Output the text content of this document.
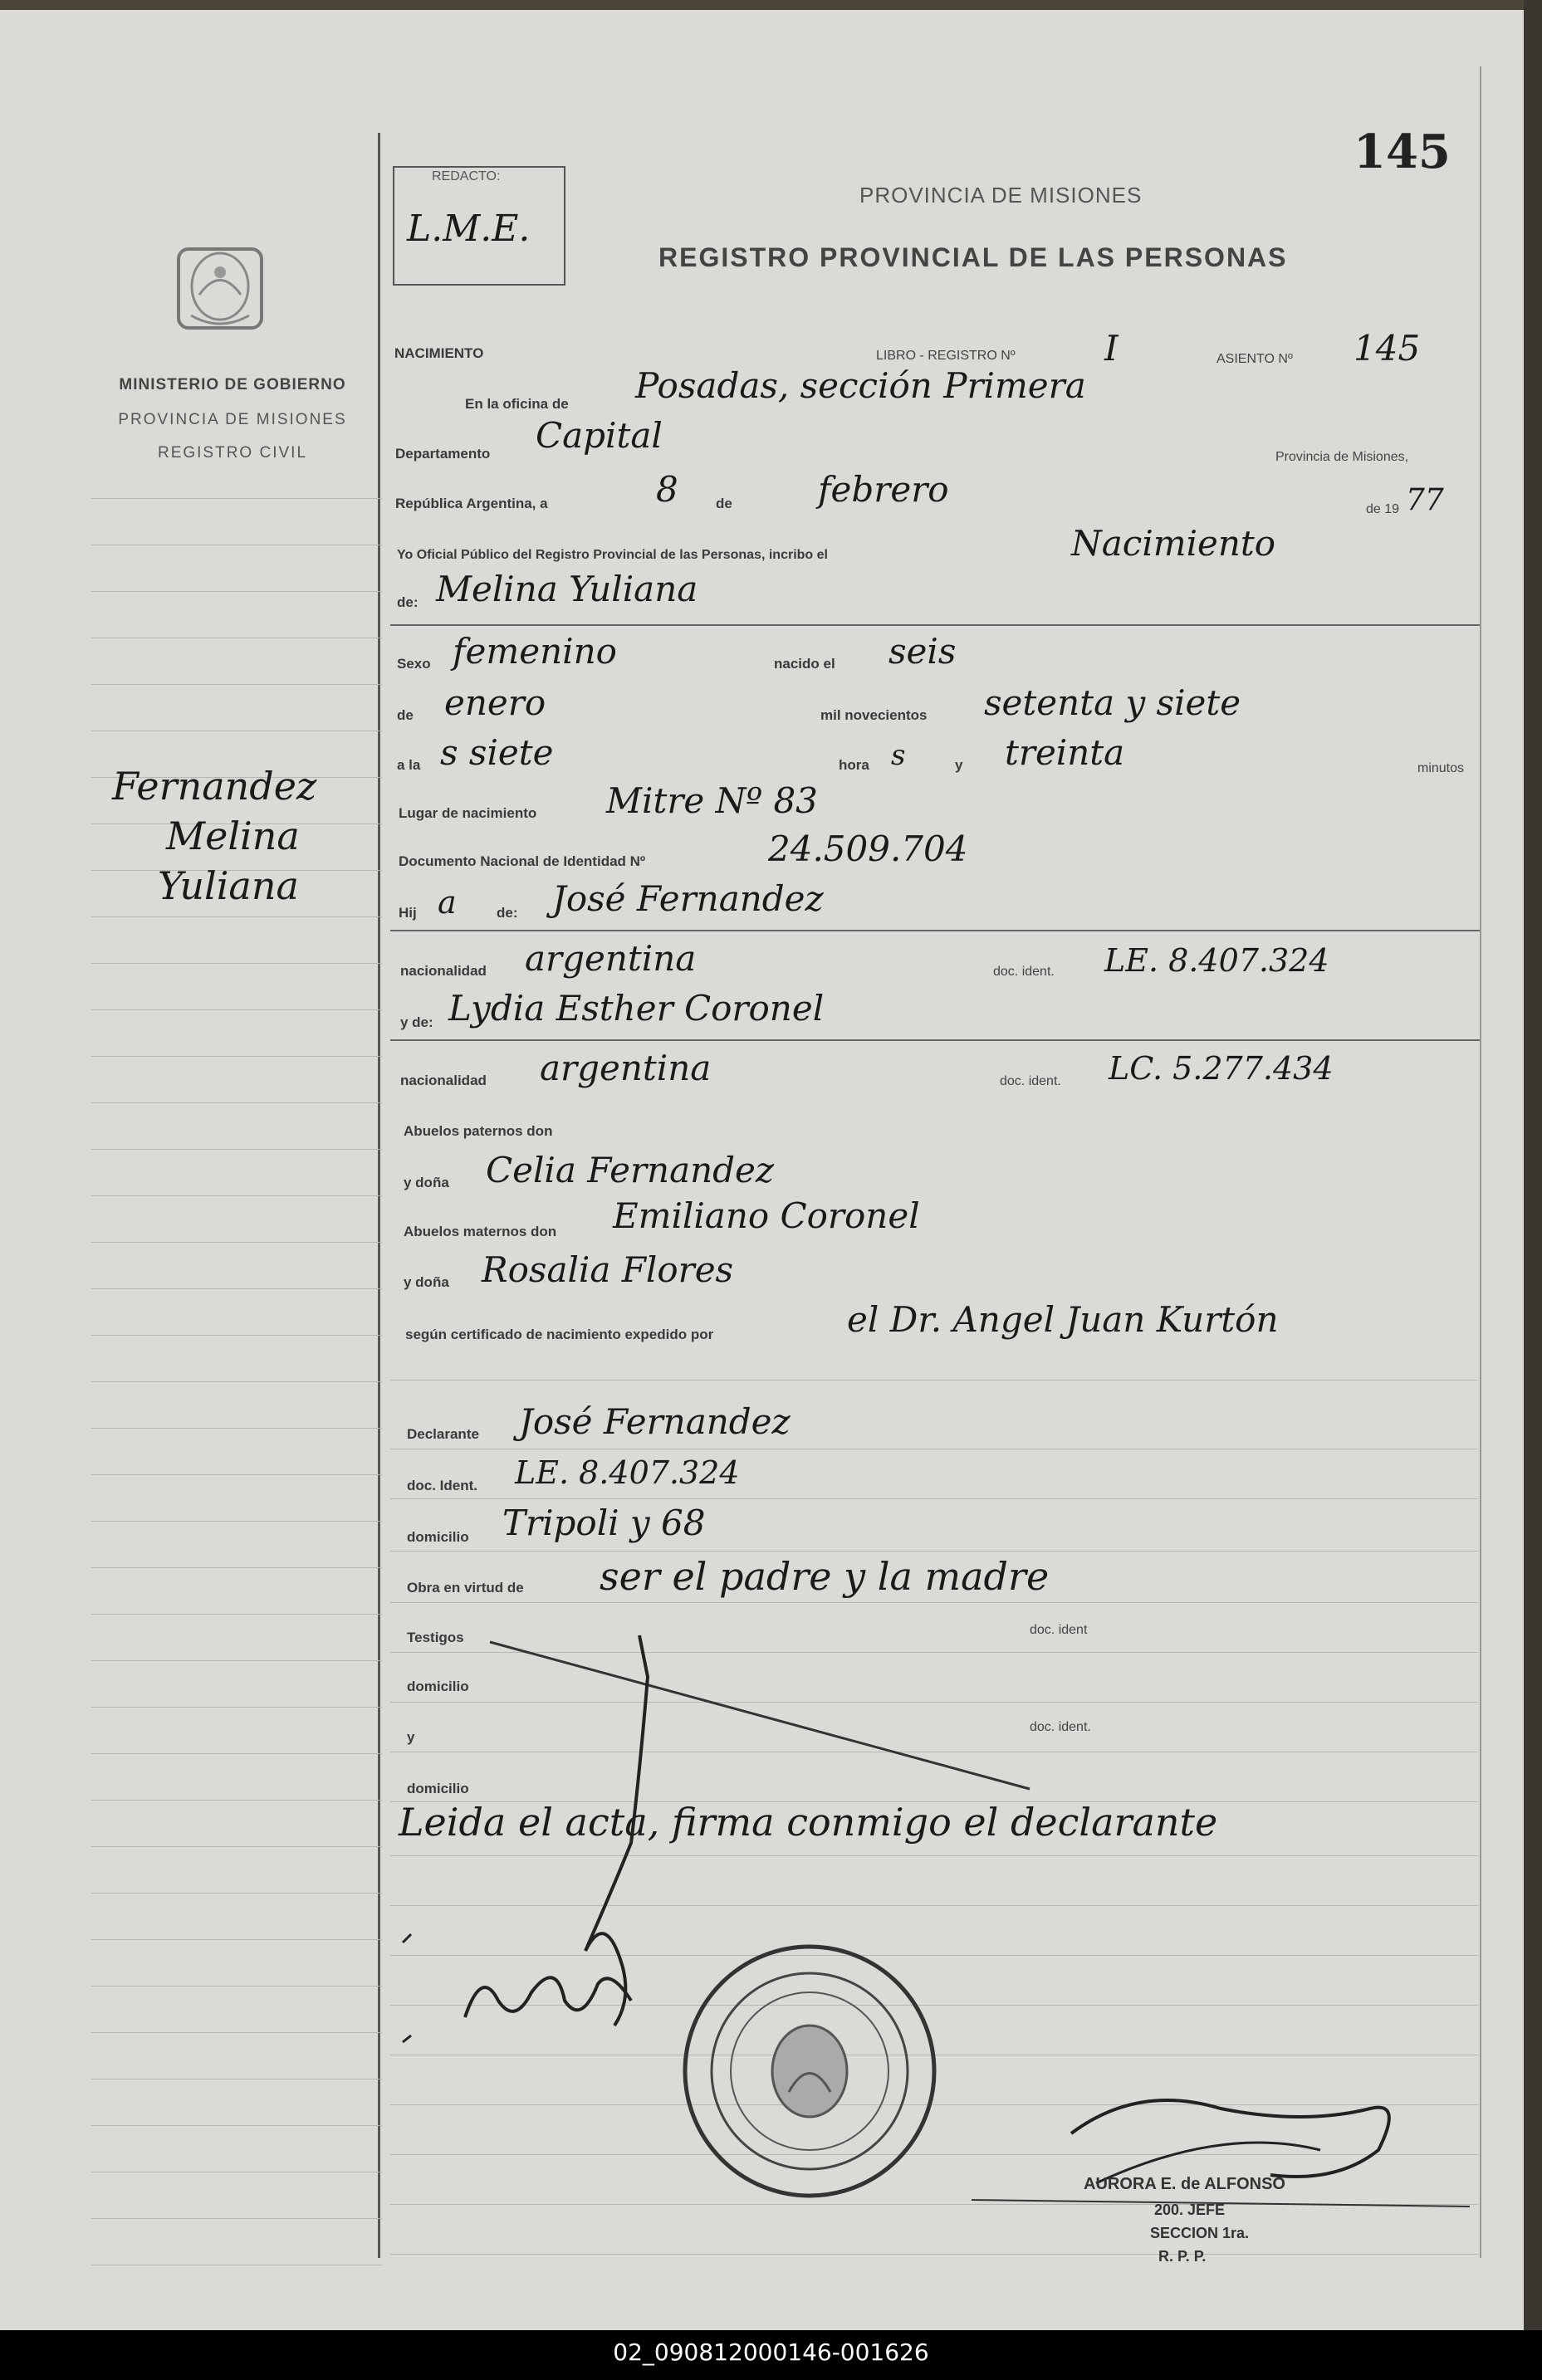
145
REDACTO:
L.M.E.
PROVINCIA DE MISIONES
REGISTRO PROVINCIAL DE LAS PERSONAS
MINISTERIO DE GOBIERNO
PROVINCIA DE MISIONES
REGISTRO CIVIL
Fernandez
Melina
Yuliana
NACIMIENTO	LIBRO - REGISTRO Nº	I	ASIENTO Nº 145
En la oficina de Posadas, sección Primera
Departamento Capital
Provincia de Misiones,
República Argentina, a	8	de febrero	de 19 77
Yo Oficial Público del Registro Provincial de las Personas, incribo el	Nacimiento
de: Melina Yuliana
Sexo femenino	nacido el seis
de enero	mil novecientos setenta y siete
a la s siete	hora s	y treinta	minutos
Lugar de nacimiento Mitre Nº 83
Documento Nacional de Identidad Nº	24.509.704
Hij a	de: José Fernandez
nacionalidad argentina	doc. ident. LE. 8.407.324
y de: Lydia Esther Coronel
nacionalidad argentina	doc. ident. LC. 5.277.434
Abuelos paternos don
y doña Celia Fernandez
Abuelos maternos don Emiliano Coronel
y doña Rosalia Flores
según certificado de nacimiento expedido por	el Dr. Angel Juan Kurtón
Declarante José Fernandez
doc. Ident. LE. 8.407.324
domicilio Tripoli y 68
Obra en virtud de ser el padre y la madre
Testigos	doc. ident
domicilio
y
doc. ident.
domicilio
Leida el acta, firma conmigo el declarante
AURORA E. de ALFONSO
200. JEFE
SECCION 1ra.
R. P. P.
02_090812000146-001626
